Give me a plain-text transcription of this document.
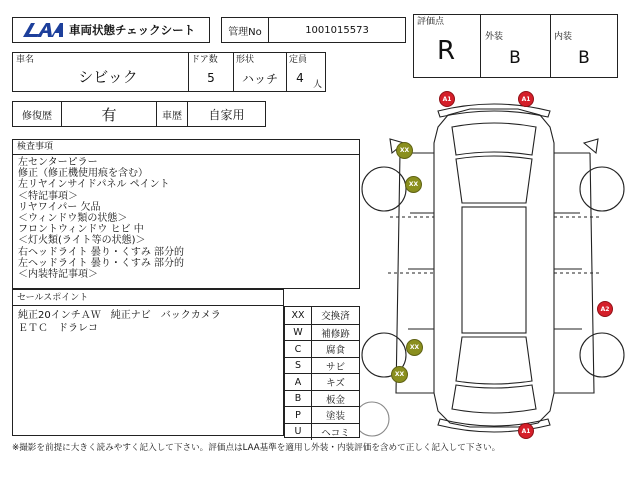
車両状態チェックシート	管理No	1001015573
車名
シビック
ドア数
5
形状
ハッチ
定員
4	人
評価点
R	外装
B
内装
B
修復歴	有	車歴	自家用
検査事項
左センターピラー
修正（修正機使用痕を含む）
左リヤインサイドパネル ペイント
＜特記事項＞
リヤワイパー 欠品
＜ウィンドウ類の状態＞
フロントウィンドウ ヒビ 中
＜灯火類(ライト等の状態)＞
右ヘッドライト 曇り・くすみ 部分的
左ヘッドライト 曇り・くすみ 部分的
＜内装特記事項＞
セールスポイント
純正20インチＡＷ　純正ナビ　バックカメラ
ＥＴＣ　ドラレコ
XX	交換済
W	補修跡
C	腐食
S	サビ
A	キズ
B	板金
P	塗装
U	ヘコミ
A1	A1
XX
XX
A2
XX
XX
A1
※撮影を前提に大きく読みやすく記入して下さい。評価点はLAA基準を適用し外装・内装評価を含めて正しく記入して下さい。
